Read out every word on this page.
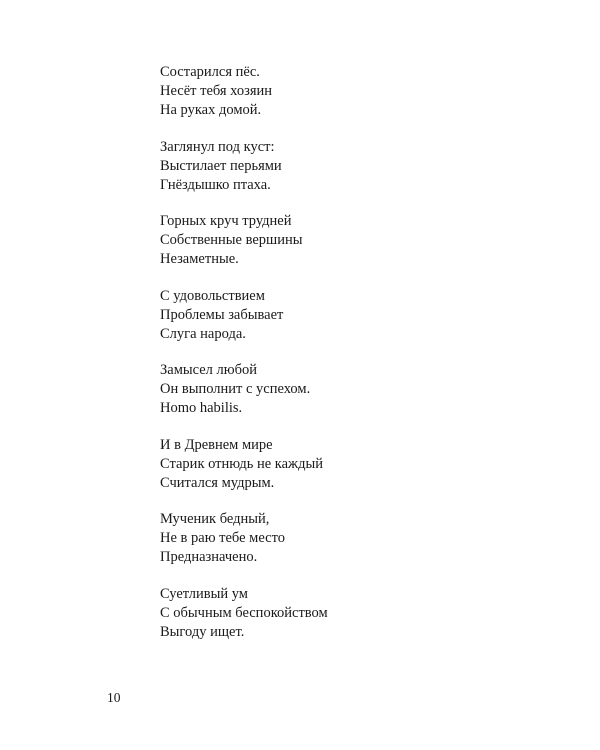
Состарился пёс.
Несёт тебя хозяин
На руках домой.
Заглянул под куст:
Выстилает перьями
Гнёздышко птаха.
Горных круч трудней
Собственные вершины
Незаметные.
С удовольствием
Проблемы забывает
Слуга народа.
Замысел любой
Он выполнит с успехом.
Homo habilis.
И в Древнем мире
Старик отнюдь не каждый
Считался мудрым.
Мученик бедный,
Не в раю тебе место
Предназначено.
Суетливый ум
С обычным беспокойством
Выгоду ищет.
10
